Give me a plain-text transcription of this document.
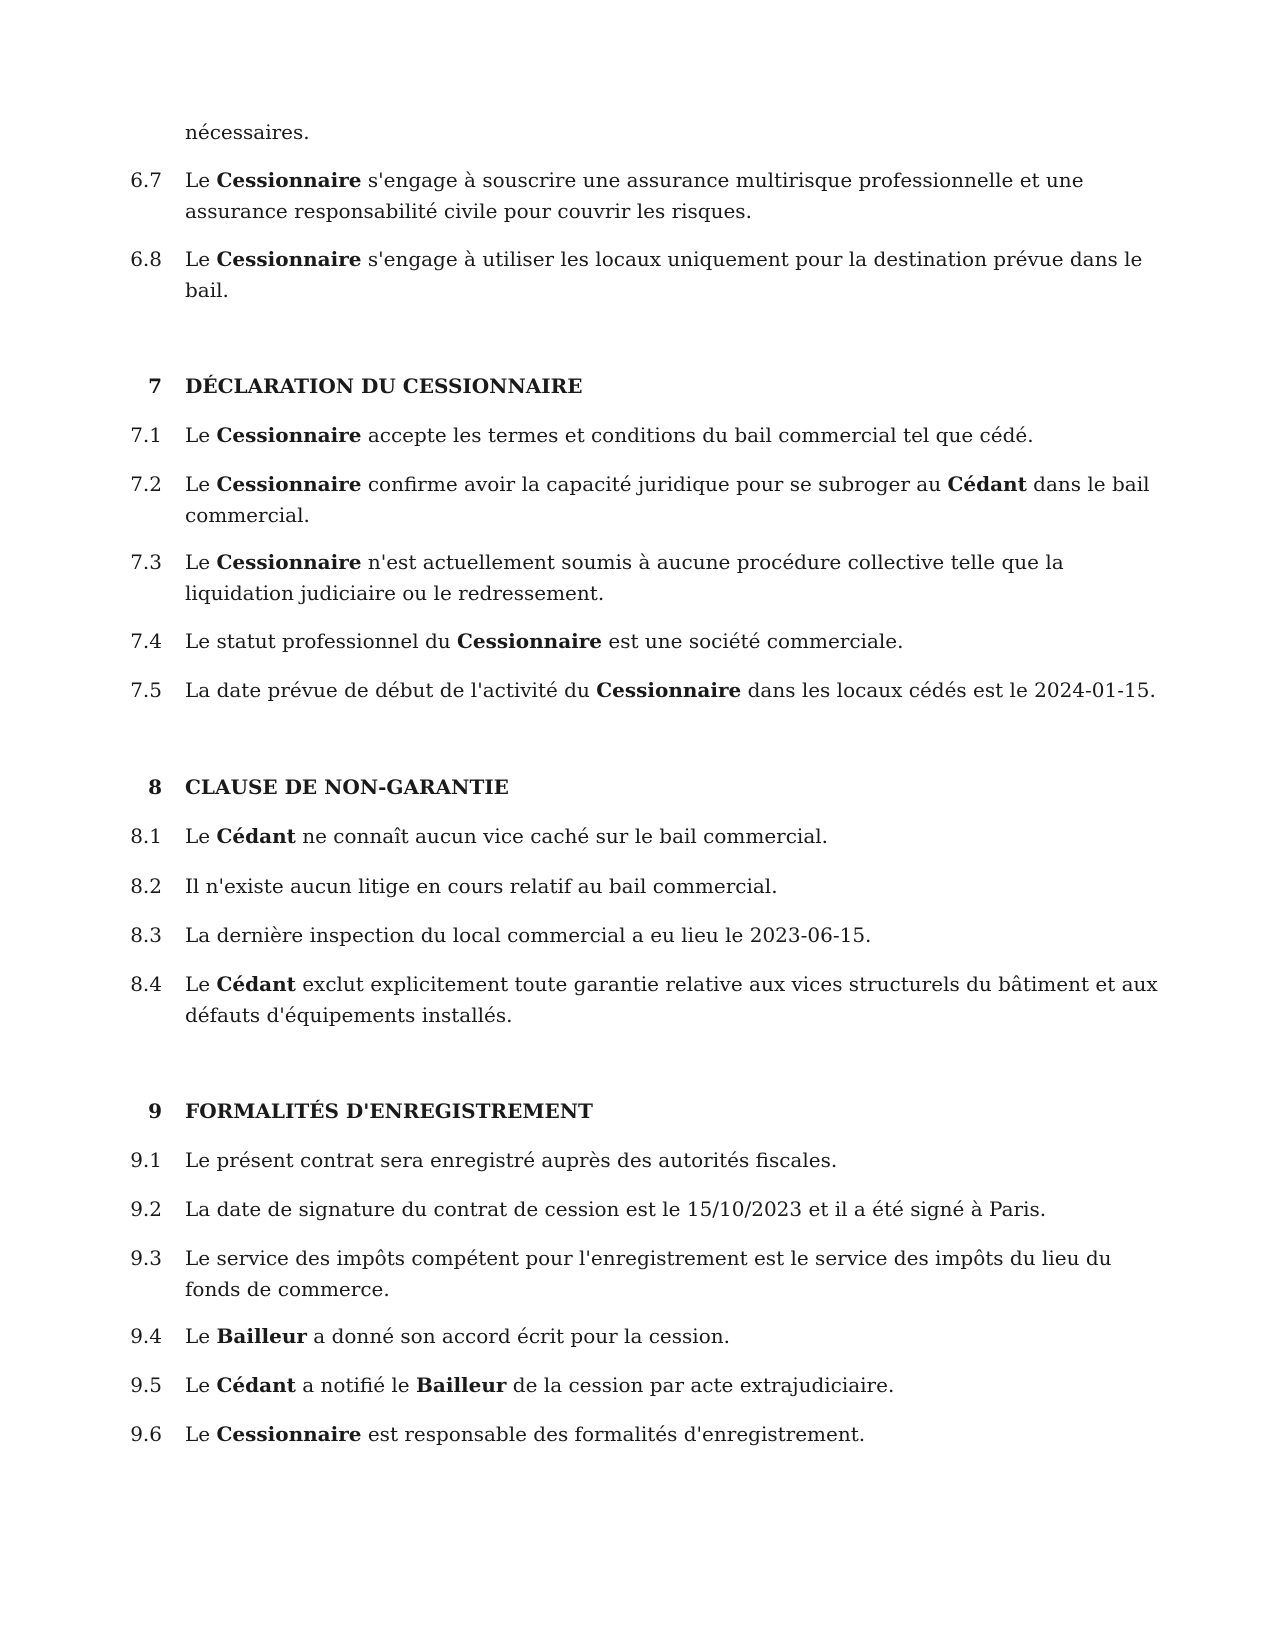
nécessaires.
6.7	Le Cessionnaire s'engage à souscrire une assurance multirisque professionnelle et une
assurance responsabilité civile pour couvrir les risques.
6.8	Le Cessionnaire s'engage à utiliser les locaux uniquement pour la destination prévue dans le
bail.
7	DÉCLARATION DU CESSIONNAIRE
7.1	Le Cessionnaire accepte les termes et conditions du bail commercial tel que cédé.
7.2	Le Cessionnaire confirme avoir la capacité juridique pour se subroger au Cédant dans le bail
commercial.
7.3	Le Cessionnaire n'est actuellement soumis à aucune procédure collective telle que la
liquidation judiciaire ou le redressement.
7.4	Le statut professionnel du Cessionnaire est une société commerciale.
7.5	La date prévue de début de l'activité du Cessionnaire dans les locaux cédés est le 2024-01-15.
8	CLAUSE DE NON-GARANTIE
8.1	Le Cédant ne connaît aucun vice caché sur le bail commercial.
8.2	Il n'existe aucun litige en cours relatif au bail commercial.
8.3	La dernière inspection du local commercial a eu lieu le 2023-06-15.
8.4	Le Cédant exclut explicitement toute garantie relative aux vices structurels du bâtiment et aux
défauts d'équipements installés.
9	FORMALITÉS D'ENREGISTREMENT
9.1	Le présent contrat sera enregistré auprès des autorités fiscales.
9.2	La date de signature du contrat de cession est le 15/10/2023 et il a été signé à Paris.
9.3	Le service des impôts compétent pour l'enregistrement est le service des impôts du lieu du
fonds de commerce.
9.4	Le Bailleur a donné son accord écrit pour la cession.
9.5	Le Cédant a notifié le Bailleur de la cession par acte extrajudiciaire.
9.6	Le Cessionnaire est responsable des formalités d'enregistrement.
